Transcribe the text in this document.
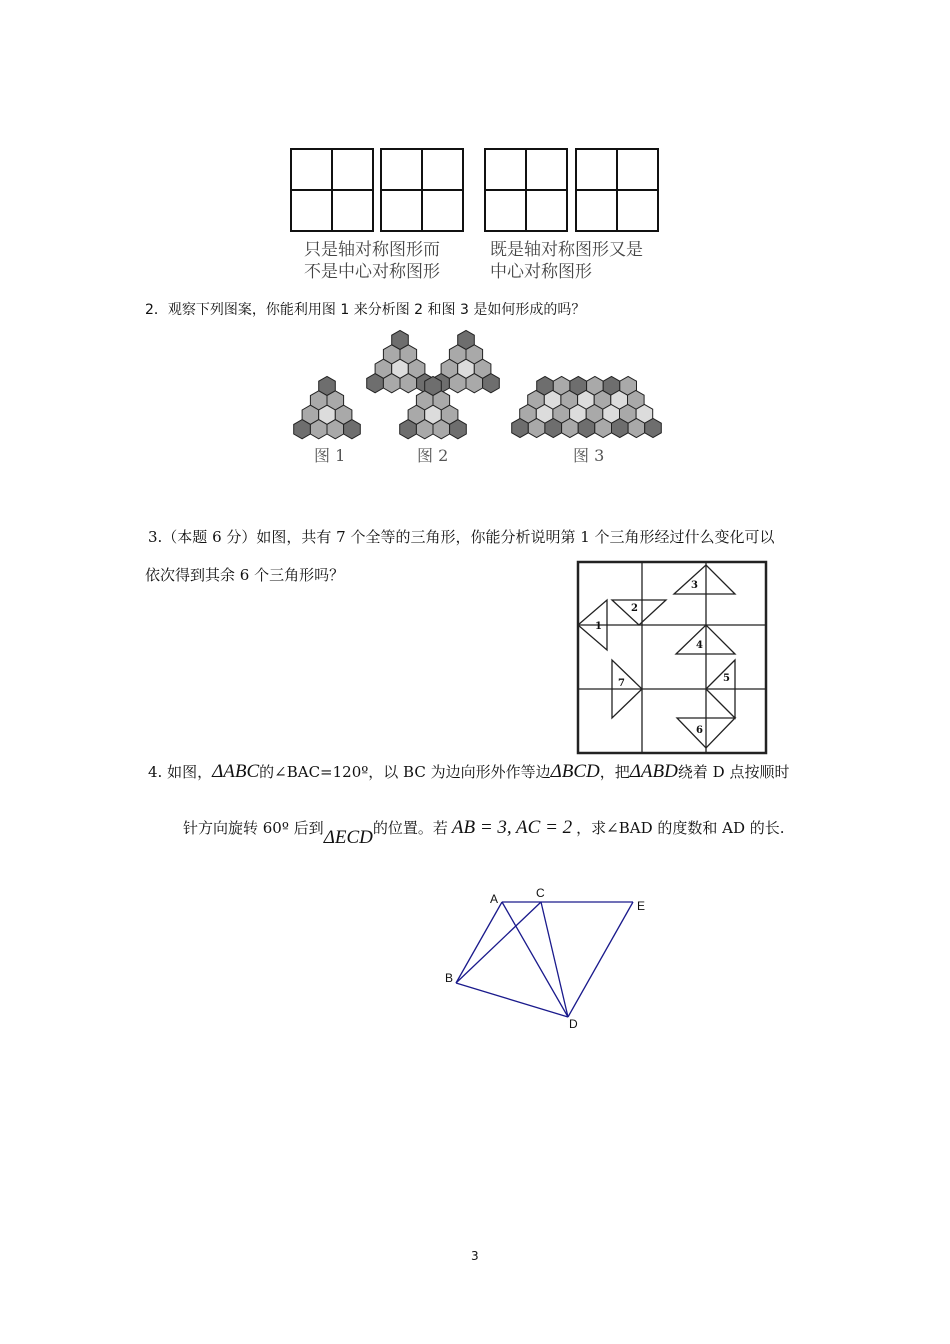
只是轴对称图形而
不是中心对称图形
既是轴对称图形又是
中心对称图形
2．观察下列图案，你能利用图 1 来分析图 2 和图 3 是如何形成的吗？
图 1	图 2	图 3
3.（本题 6 分）如图，共有 7 个全等的三角形，你能分析说明第 1 个三角形经过什么变化可以
依次得到其余 6 个三角形吗？
1
2
3
4
5
6
7
4. 如图，ΔABC的∠BAC=120º，以 BC 为边向形外作等边ΔBCD，把ΔABD绕着 D 点按顺时
针方向旋转 60º 后到ΔECD的位置。若 AB = 3, AC = 2 ，求∠BAD 的度数和 AD 的长.
A	C
E
B
D
3
